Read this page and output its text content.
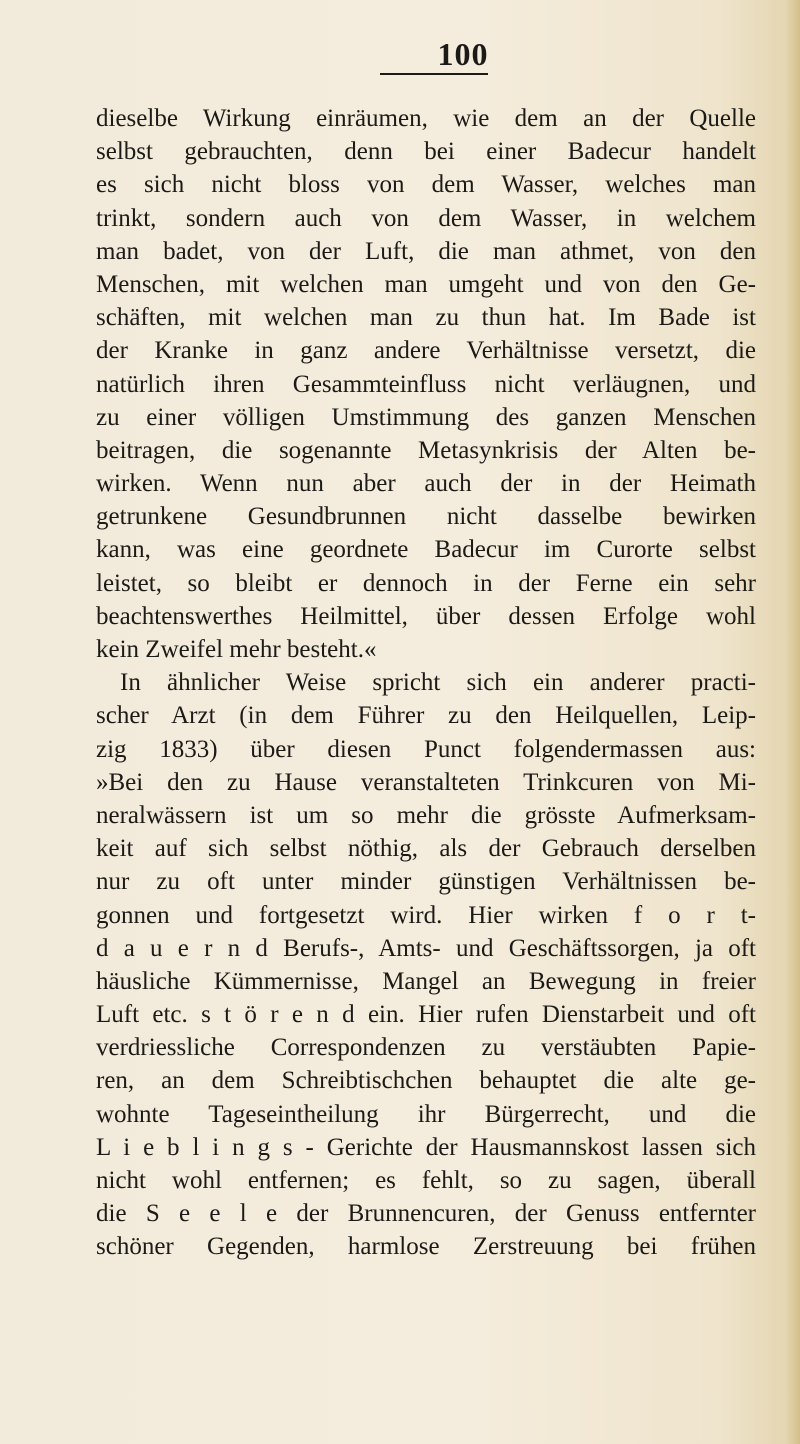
100
dieselbe Wirkung einräumen, wie dem an der Quelle
selbst gebrauchten, denn bei einer Badecur handelt
es sich nicht bloss von dem Wasser, welches man
trinkt, sondern auch von dem Wasser, in welchem
man badet, von der Luft, die man athmet, von den
Menschen, mit welchen man umgeht und von den Ge-
schäften, mit welchen man zu thun hat. Im Bade ist
der Kranke in ganz andere Verhältnisse versetzt, die
natürlich ihren Gesammteinfluss nicht verläugnen, und
zu einer völligen Umstimmung des ganzen Menschen
beitragen, die sogenannte Metasynkrisis der Alten be-
wirken. Wenn nun aber auch der in der Heimath
getrunkene Gesundbrunnen nicht dasselbe bewirken
kann, was eine geordnete Badecur im Curorte selbst
leistet, so bleibt er dennoch in der Ferne ein sehr
beachtenswerthes Heilmittel, über dessen Erfolge wohl
kein Zweifel mehr besteht.«
In ähnlicher Weise spricht sich ein anderer practi-
scher Arzt (in dem Führer zu den Heilquellen, Leip-
zig 1833) über diesen Punct folgendermassen aus:
»Bei den zu Hause veranstalteten Trinkcuren von Mi-
neralwässern ist um so mehr die grösste Aufmerksam-
keit auf sich selbst nöthig, als der Gebrauch derselben
nur zu oft unter minder günstigen Verhältnissen be-
gonnen und fortgesetzt wird. Hier wirken f o r t-
d a u e r n d Berufs-, Amts- und Geschäftssorgen, ja oft
häusliche Kümmernisse, Mangel an Bewegung in freier
Luft etc. s t ö r e n d ein. Hier rufen Dienstarbeit und oft
verdriessliche Correspondenzen zu verstäubten Papie-
ren, an dem Schreibtischchen behauptet die alte ge-
wohnte Tageseintheilung ihr Bürgerrecht, und die
L i e b l i n g s - Gerichte der Hausmannskost lassen sich
nicht wohl entfernen; es fehlt, so zu sagen, überall
die S e e l e der Brunnencuren, der Genuss entfernter
schöner Gegenden, harmlose Zerstreuung bei frühen
